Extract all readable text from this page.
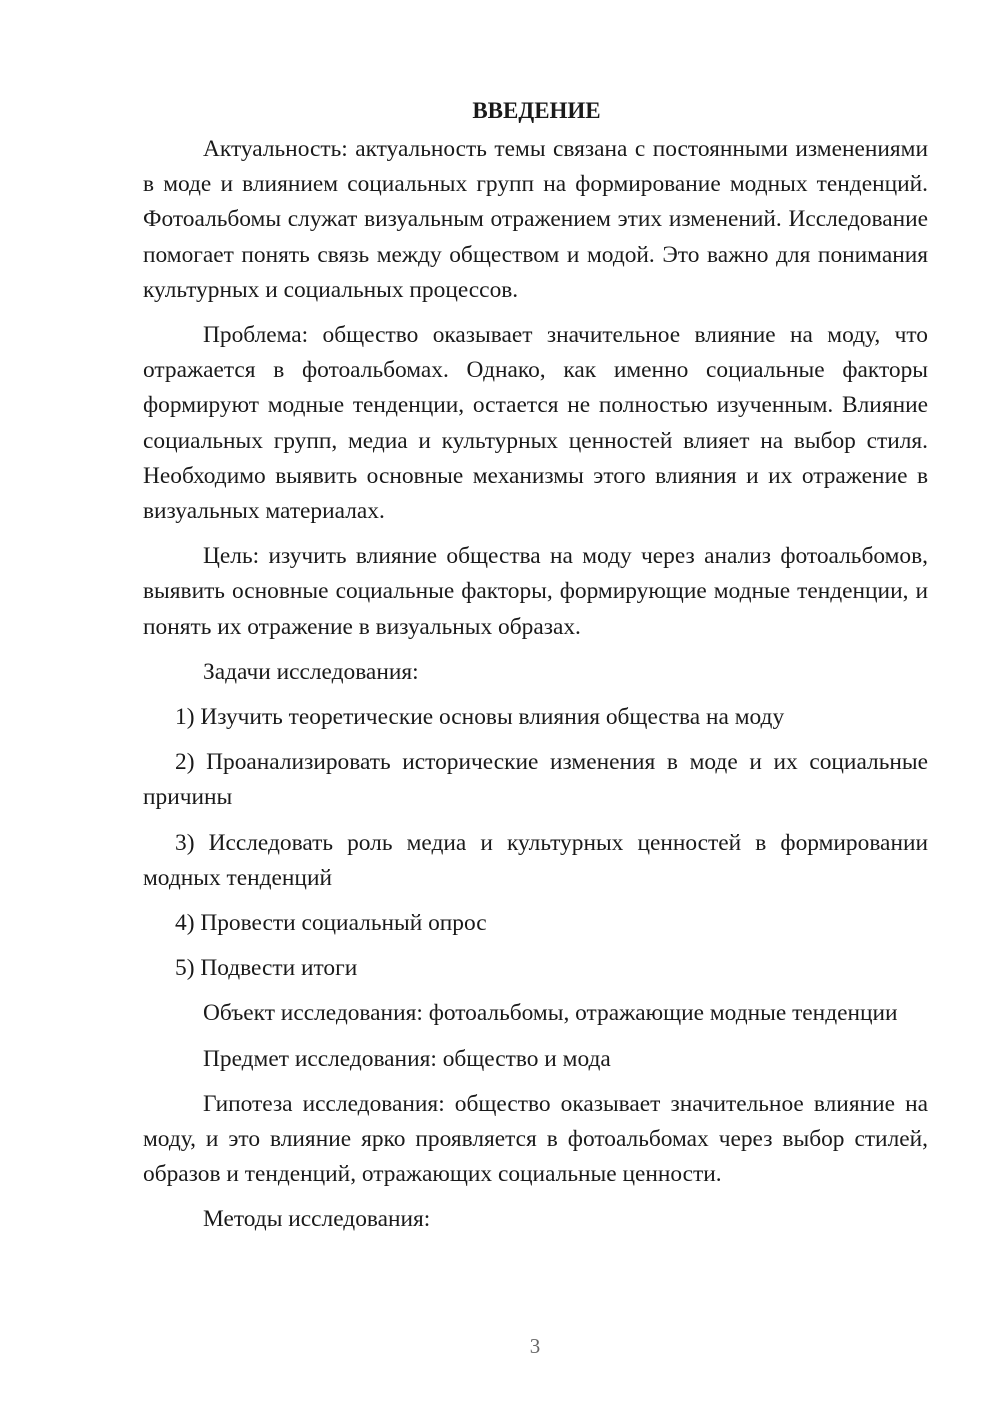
ВВЕДЕНИЕ

Актуальность: актуальность темы связана с постоянными изменениями в моде и влиянием социальных групп на формирование модных тенденций. Фотоальбомы служат визуальным отражением этих изменений. Исследование помогает понять связь между обществом и модой. Это важно для понимания культурных и социальных процессов.

Проблема: общество оказывает значительное влияние на моду, что отражается в фотоальбомах. Однако, как именно социальные факторы формируют модные тенденции, остается не полностью изученным. Влияние социальных групп, медиа и культурных ценностей влияет на выбор стиля. Необходимо выявить основные механизмы этого влияния и их отражение в визуальных материалах.

Цель: изучить влияние общества на моду через анализ фотоальбомов, выявить основные социальные факторы, формирующие модные тенденции, и понять их отражение в визуальных образах.

Задачи исследования:

1) Изучить теоретические основы влияния общества на моду

2) Проанализировать исторические изменения в моде и их социальные причины

3) Исследовать роль медиа и культурных ценностей в формировании модных тенденций

4) Провести социальный опрос

5) Подвести итоги

Объект исследования: фотоальбомы, отражающие модные тенденции

Предмет исследования: общество и мода

Гипотеза исследования: общество оказывает значительное влияние на моду, и это влияние ярко проявляется в фотоальбомах через выбор стилей, образов и тенденций, отражающих социальные ценности.

Методы исследования:

3
